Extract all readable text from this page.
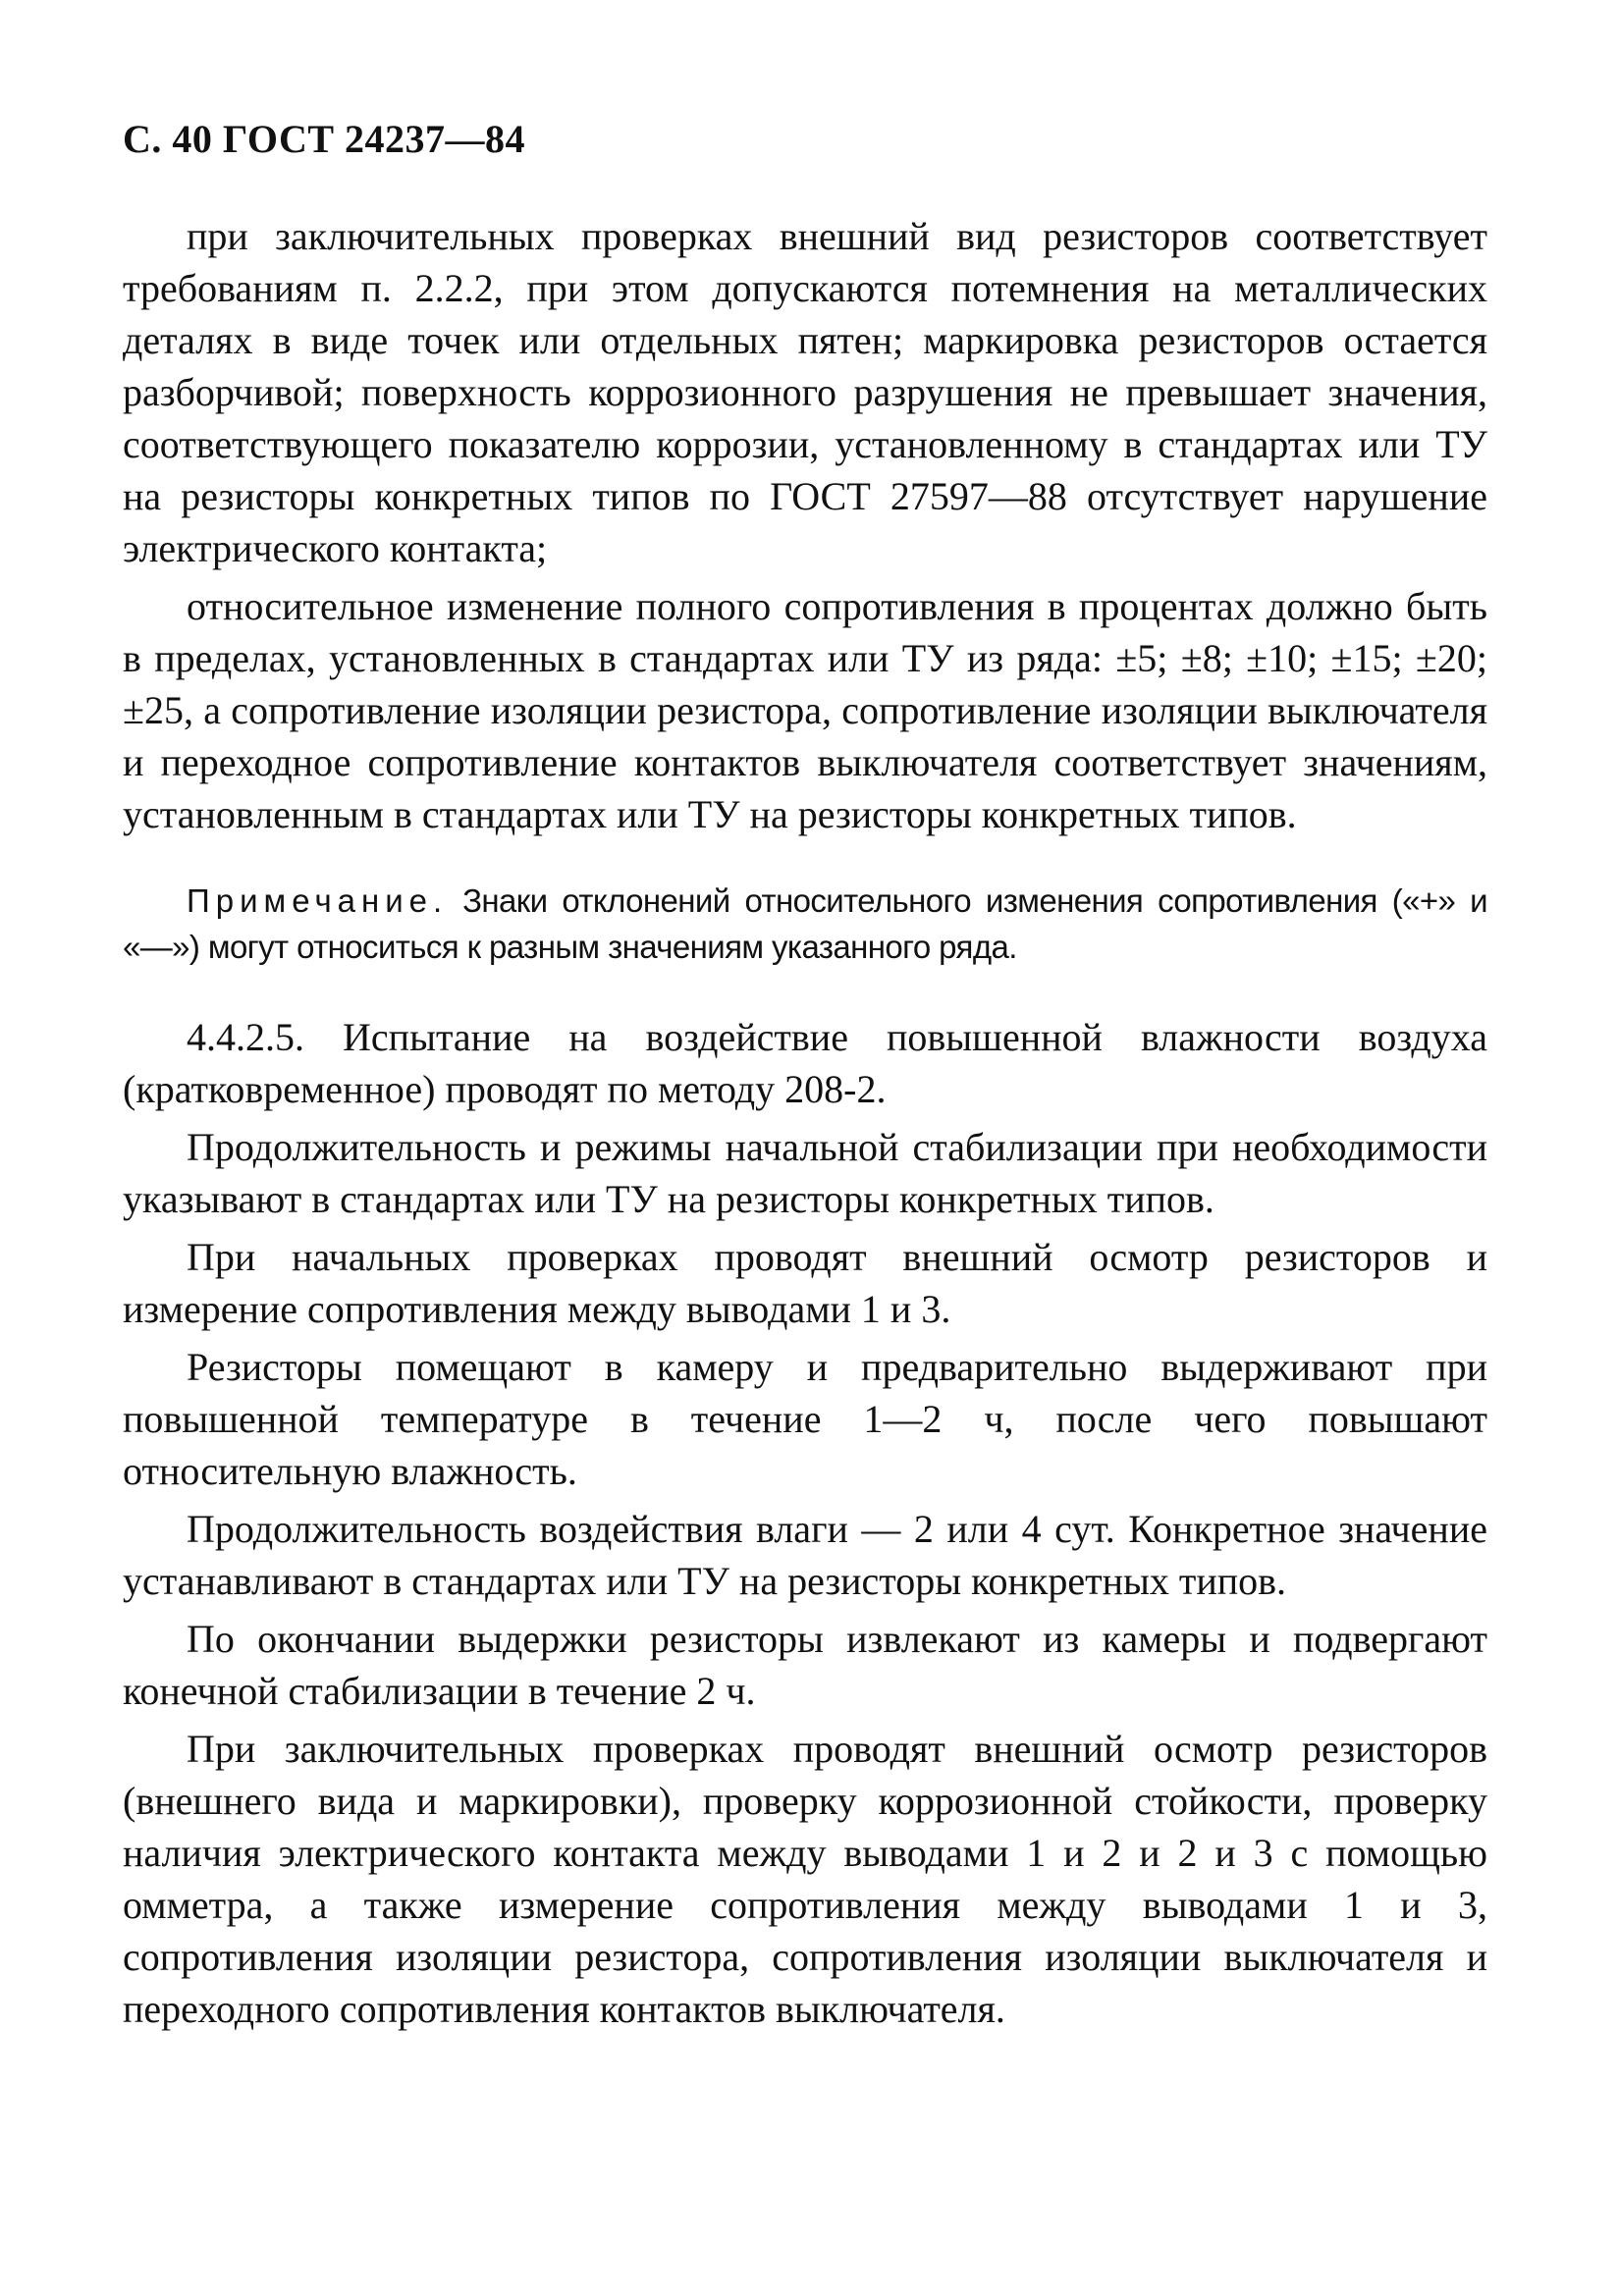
С. 40 ГОСТ 24237—84

при заключительных проверках внешний вид резисторов соответствует требованиям п. 2.2.2, при этом допускаются потемнения на металлических деталях в виде точек или отдельных пятен; маркировка резисторов остается разборчивой; поверхность коррозионного разрушения не превышает значения, соответствующего показателю коррозии, установленному в стандартах или ТУ на резисторы конкретных типов по ГОСТ 27597—88 отсутствует нарушение электрического контакта;

относительное изменение полного сопротивления в процентах должно быть в пределах, установленных в стандартах или ТУ из ряда: ±5; ±8; ±10; ±15; ±20; ±25, а сопротивление изоляции резистора, сопротивление изоляции выключателя и переходное сопротивление контактов выключателя соответствует значениям, установленным в стандартах или ТУ на резисторы конкретных типов.

Примечание. Знаки отклонений относительного изменения сопротивления («+» и «—») могут относиться к разным значениям указанного ряда.

4.4.2.5. Испытание на воздействие повышенной влажности воздуха (кратковременное) проводят по методу 208-2.

Продолжительность и режимы начальной стабилизации при необходимости указывают в стандартах или ТУ на резисторы конкретных типов.

При начальных проверках проводят внешний осмотр резисторов и измерение сопротивления между выводами 1 и 3.

Резисторы помещают в камеру и предварительно выдерживают при повышенной температуре в течение 1—2 ч, после чего повышают относительную влажность.

Продолжительность воздействия влаги — 2 или 4 сут. Конкретное значение устанавливают в стандартах или ТУ на резисторы конкретных типов.

По окончании выдержки резисторы извлекают из камеры и подвергают конечной стабилизации в течение 2 ч.

При заключительных проверках проводят внешний осмотр резисторов (внешнего вида и маркировки), проверку коррозионной стойкости, проверку наличия электрического контакта между выводами 1 и 2 и 2 и 3 с помощью омметра, а также измерение сопротивления между выводами 1 и 3, сопротивления изоляции резистора, сопротивления изоляции выключателя и переходного сопротивления контактов выключателя.
